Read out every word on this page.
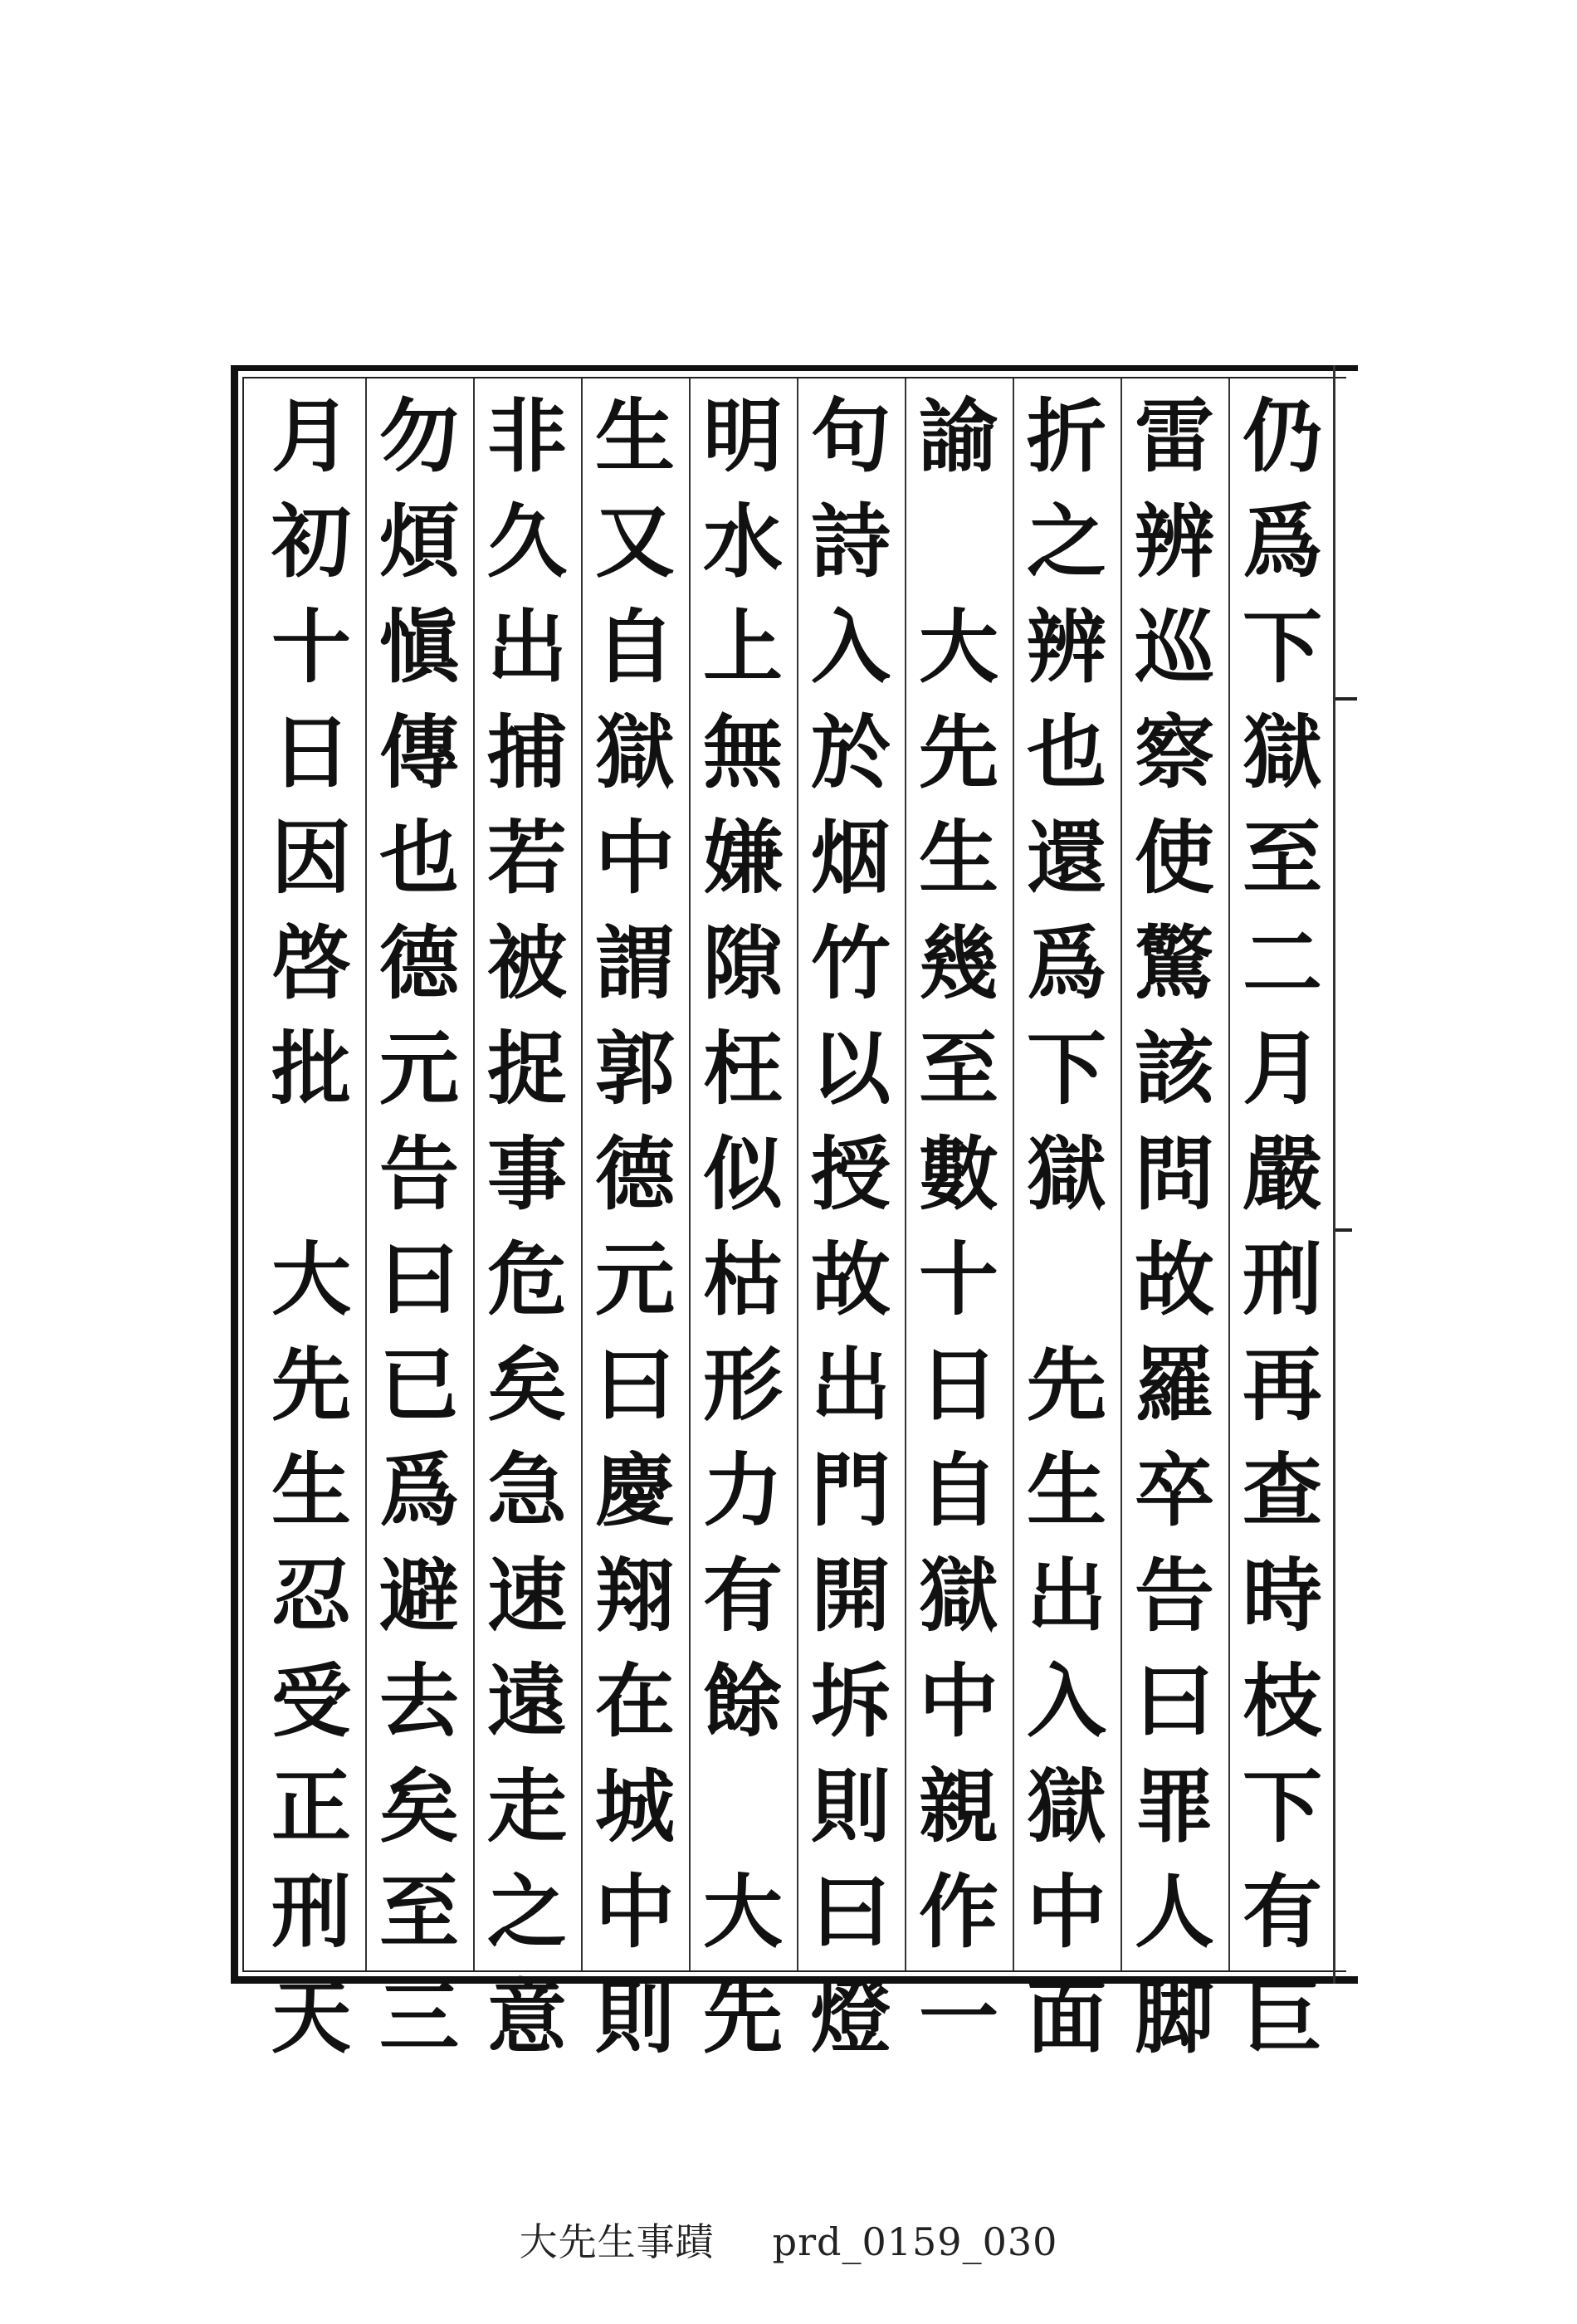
仍
爲
下
獄
至
二
月
嚴
刑
再
查
時
枝
下
有
巨
雷
辨
巡
察
使
驚
該
問
故
羅
卒
告
曰
罪
人
脚
折
之
辨
也
還
爲
下
獄
先
生
出
入
獄
中
面
諭
大
先
生
幾
至
數
十
日
自
獄
中
親
作
一
句
詩
入
於
烟
竹
以
授
故
出
門
開
坼
則
曰
燈
明
水
上
無
嫌
隙
枉
似
枯
形
力
有
餘
大
先
生
又
自
獄
中
謂
郭
德
元
曰
慶
翔
在
城
中
則
非
久
出
捕
若
被
捉
事
危
矣
急
速
遠
走
之
意
勿
煩
愼
傳
也
德
元
告
曰
已
爲
避
去
矣
至
三
月
初
十
日
因
啓
批
大
先
生
忍
受
正
刑
天
大先生事蹟 prd_0159_030
